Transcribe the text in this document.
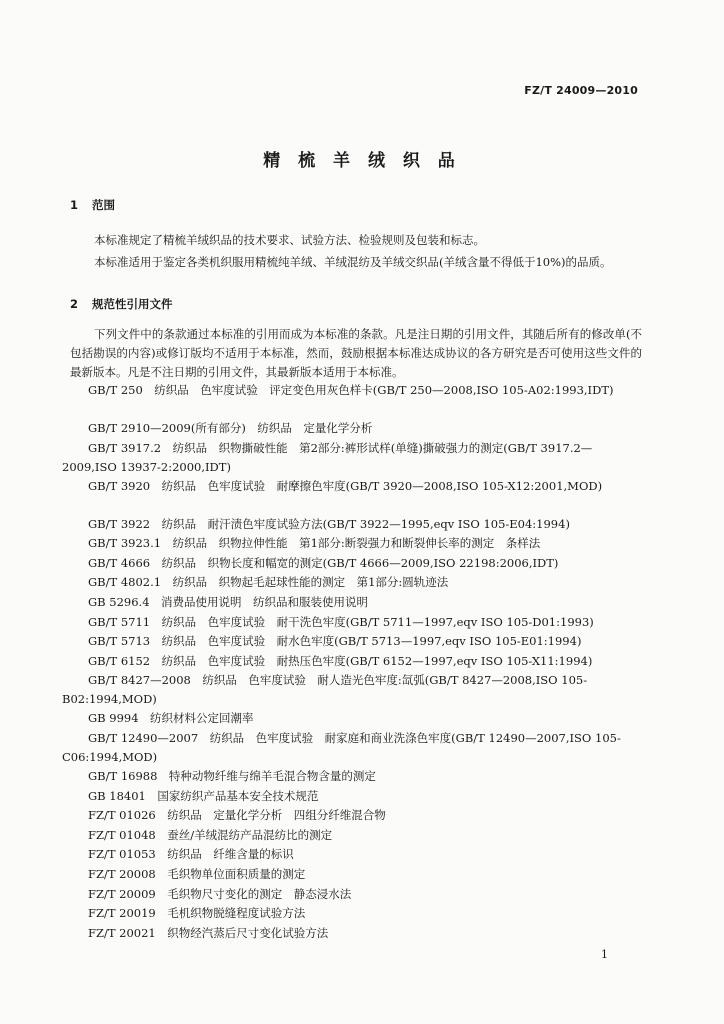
FZ/T 24009—2010
精 梳 羊 绒 织 品
1 范围
本标准规定了精梳羊绒织品的技术要求、试验方法、检验规则及包装和标志。
本标准适用于鉴定各类机织服用精梳纯羊绒、羊绒混纺及羊绒交织品(羊绒含量不得低于10%)的品质。
2 规范性引用文件
下列文件中的条款通过本标准的引用而成为本标准的条款。凡是注日期的引用文件，其随后所有的修改单(不包括勘误的内容)或修订版均不适用于本标准，然而，鼓励根据本标准达成协议的各方研究是否可使用这些文件的最新版本。凡是不注日期的引用文件，其最新版本适用于本标准。

GB/T 250　纺织品　色牢度试验　评定变色用灰色样卡(GB/T 250—2008,ISO 105-A02:1993,IDT)

GB/T 2910—2009(所有部分)　纺织品　定量化学分析

GB/T 3917.2　纺织品　织物撕破性能　第2部分:裤形试样(单缝)撕破强力的测定(GB/T 3917.2—2009,ISO 13937-2:2000,IDT)

GB/T 3920　纺织品　色牢度试验　耐摩擦色牢度(GB/T 3920—2008,ISO 105-X12:2001,MOD)

GB/T 3922　纺织品　耐汗渍色牢度试验方法(GB/T 3922—1995,eqv ISO 105-E04:1994)

GB/T 3923.1　纺织品　织物拉伸性能　第1部分:断裂强力和断裂伸长率的测定　条样法

GB/T 4666　纺织品　织物长度和幅宽的测定(GB/T 4666—2009,ISO 22198:2006,IDT)

GB/T 4802.1　纺织品　织物起毛起球性能的测定　第1部分:圆轨迹法

GB 5296.4　消费品使用说明　纺织品和服装使用说明

GB/T 5711　纺织品　色牢度试验　耐干洗色牢度(GB/T 5711—1997,eqv ISO 105-D01:1993)

GB/T 5713　纺织品　色牢度试验　耐水色牢度(GB/T 5713—1997,eqv ISO 105-E01:1994)

GB/T 6152　纺织品　色牢度试验　耐热压色牢度(GB/T 6152—1997,eqv ISO 105-X11:1994)

GB/T 8427—2008　纺织品　色牢度试验　耐人造光色牢度:氙弧(GB/T 8427—2008,ISO 105-B02:1994,MOD)

GB 9994　纺织材料公定回潮率

GB/T 12490—2007　纺织品　色牢度试验　耐家庭和商业洗涤色牢度(GB/T 12490—2007,ISO 105-C06:1994,MOD)

GB/T 16988　特种动物纤维与绵羊毛混合物含量的测定

GB 18401　国家纺织产品基本安全技术规范

FZ/T 01026　纺织品　定量化学分析　四组分纤维混合物

FZ/T 01048　蚕丝/羊绒混纺产品混纺比的测定

FZ/T 01053　纺织品　纤维含量的标识

FZ/T 20008　毛织物单位面积质量的测定

FZ/T 20009　毛织物尺寸变化的测定　静态浸水法

FZ/T 20019　毛机织物脱缝程度试验方法

FZ/T 20021　织物经汽蒸后尺寸变化试验方法

1
